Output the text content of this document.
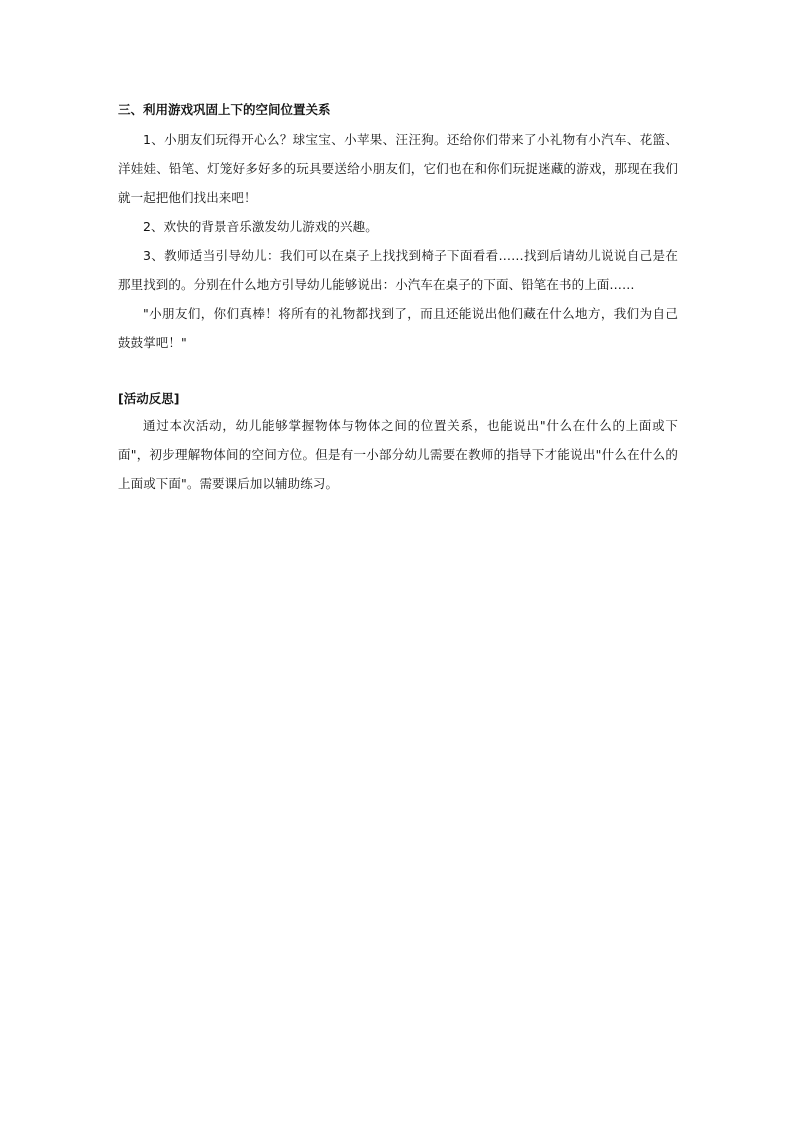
三、利用游戏巩固上下的空间位置关系

1、小朋友们玩得开心么？球宝宝、小苹果、汪汪狗。还给你们带来了小礼物有小汽车、花篮、洋娃娃、铅笔、灯笼好多好多的玩具要送给小朋友们，它们也在和你们玩捉迷藏的游戏，那现在我们就一起把他们找出来吧！

2、欢快的背景音乐激发幼儿游戏的兴趣。

3、教师适当引导幼儿：我们可以在桌子上找找到椅子下面看看……找到后请幼儿说说自己是在那里找到的。分别在什么地方引导幼儿能够说出：小汽车在桌子的下面、铅笔在书的上面……

"小朋友们，你们真棒！将所有的礼物都找到了，而且还能说出他们藏在什么地方，我们为自己鼓鼓掌吧！"

[活动反思]

通过本次活动，幼儿能够掌握物体与物体之间的位置关系，也能说出"什么在什么的上面或下面"，初步理解物体间的空间方位。但是有一小部分幼儿需要在教师的指导下才能说出"什么在什么的上面或下面"。需要课后加以辅助练习。
